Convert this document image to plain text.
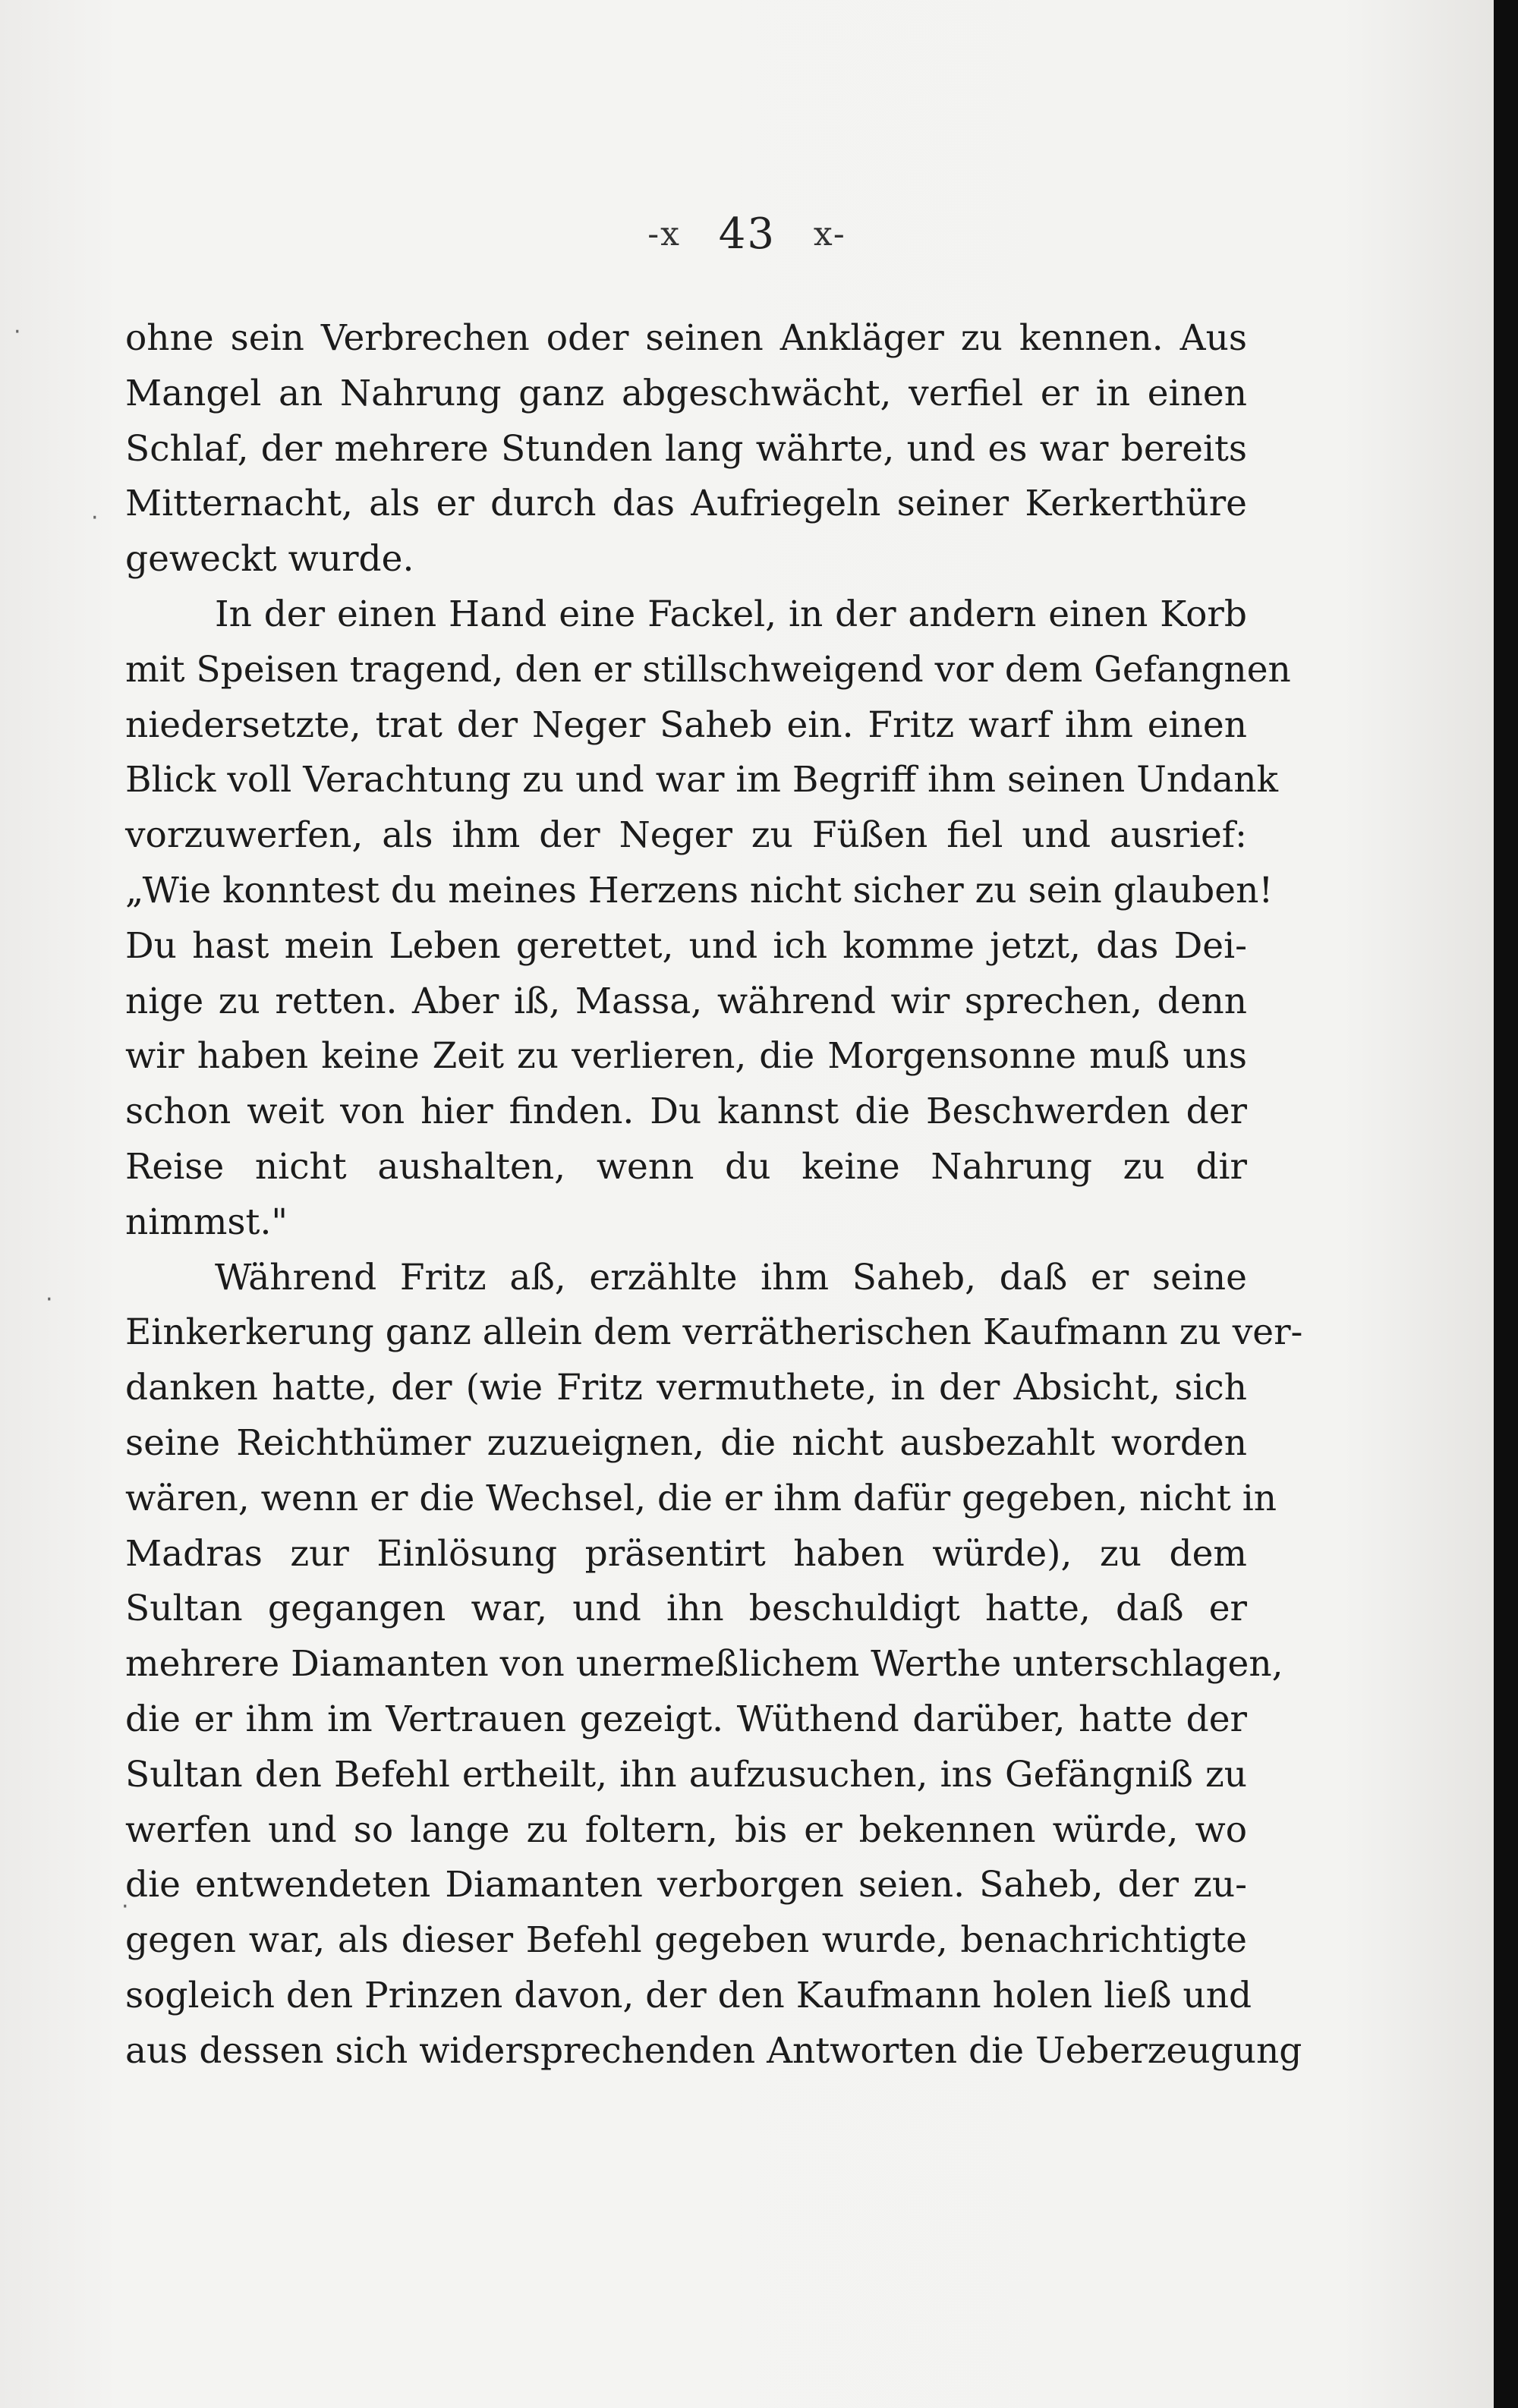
-x 43 x-
ohne sein Verbrechen oder seinen Ankläger zu kennen. Aus
Mangel an Nahrung ganz abgeschwächt, verfiel er in einen
Schlaf, der mehrere Stunden lang währte, und es war bereits
Mitternacht, als er durch das Aufriegeln seiner Kerkerthüre
geweckt wurde.
In der einen Hand eine Fackel, in der andern einen Korb
mit Speisen tragend, den er stillschweigend vor dem Gefangnen
niedersetzte, trat der Neger Saheb ein. Fritz warf ihm einen
Blick voll Verachtung zu und war im Begriff ihm seinen Undank
vorzuwerfen, als ihm der Neger zu Füßen fiel und ausrief:
„Wie konntest du meines Herzens nicht sicher zu sein glauben!
Du hast mein Leben gerettet, und ich komme jetzt, das Dei-
nige zu retten. Aber iß, Massa, während wir sprechen, denn
wir haben keine Zeit zu verlieren, die Morgensonne muß uns
schon weit von hier finden. Du kannst die Beschwerden der
Reise nicht aushalten, wenn du keine Nahrung zu dir
nimmst."
Während Fritz aß, erzählte ihm Saheb, daß er seine
Einkerkerung ganz allein dem verrätherischen Kaufmann zu ver-
danken hatte, der (wie Fritz vermuthete, in der Absicht, sich
seine Reichthümer zuzueignen, die nicht ausbezahlt worden
wären, wenn er die Wechsel, die er ihm dafür gegeben, nicht in
Madras zur Einlösung präsentirt haben würde), zu dem
Sultan gegangen war, und ihn beschuldigt hatte, daß er
mehrere Diamanten von unermeßlichem Werthe unterschlagen,
die er ihm im Vertrauen gezeigt. Wüthend darüber, hatte der
Sultan den Befehl ertheilt, ihn aufzusuchen, ins Gefängniß zu
werfen und so lange zu foltern, bis er bekennen würde, wo
die entwendeten Diamanten verborgen seien. Saheb, der zu-
gegen war, als dieser Befehl gegeben wurde, benachrichtigte
sogleich den Prinzen davon, der den Kaufmann holen ließ und
aus dessen sich widersprechenden Antworten die Ueberzeugung
·
·
·
·
